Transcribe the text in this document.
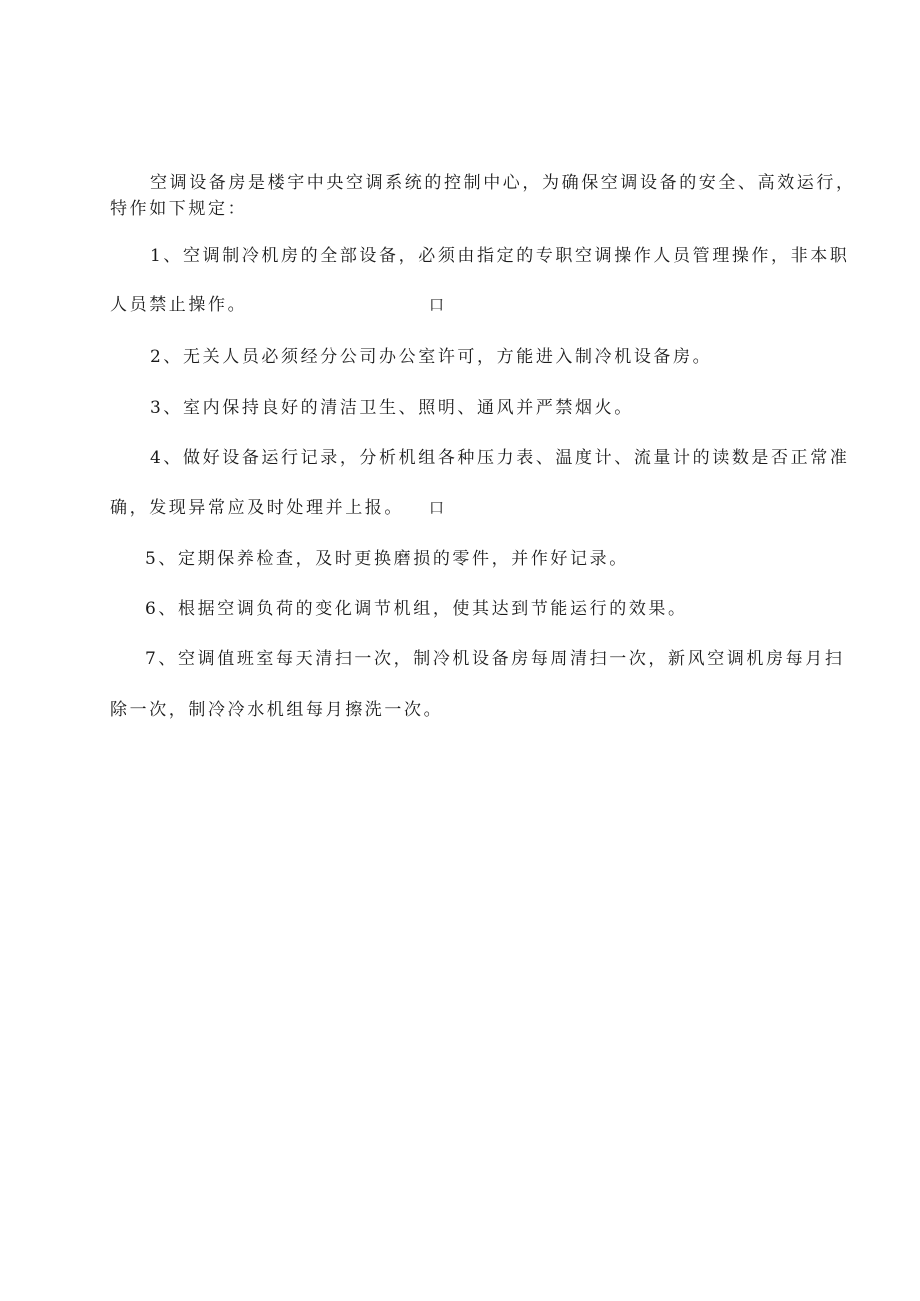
空调设备房是楼宇中央空调系统的控制中心，为确保空调设备的安全、高效运行，
特作如下规定：
1、空调制冷机房的全部设备，必须由指定的专职空调操作人员管理操作，非本职
人员禁止操作。	口
2、无关人员必须经分公司办公室许可，方能进入制冷机设备房。
3、室内保持良好的清洁卫生、照明、通风并严禁烟火。
4、做好设备运行记录，分析机组各种压力表、温度计、流量计的读数是否正常准
确，发现异常应及时处理并上报。 口
5、定期保养检查，及时更换磨损的零件，并作好记录。
6、根据空调负荷的变化调节机组，使其达到节能运行的效果。
7、空调值班室每天清扫一次，制冷机设备房每周清扫一次，新风空调机房每月扫
除一次，制冷冷水机组每月擦洗一次。
